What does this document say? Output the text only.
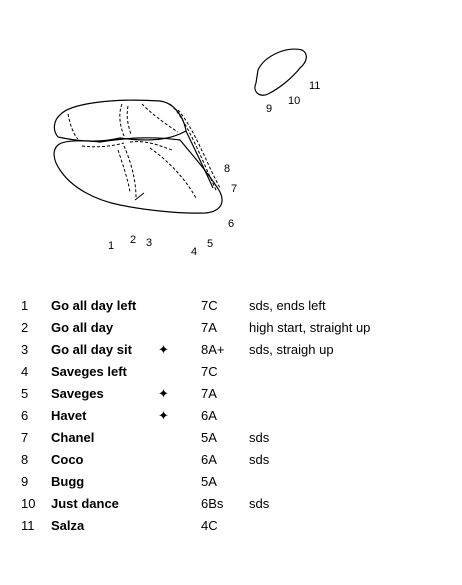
1 2 3
4
5
6
7
8
9
10
11
1 Go all day left	7C sds, ends left
2 Go all day	7A high start, straight up
3 Go all day sit ✦ 8A+ sds, straigh up
4 Saveges left	7C
5 Saveges	✦ 7A
6 Havet	✦ 6A
7 Chanel	5A sds
8 Coco	6A sds
9 Bugg	5A
10 Just dance	6Bs sds
11 Salza	4C
